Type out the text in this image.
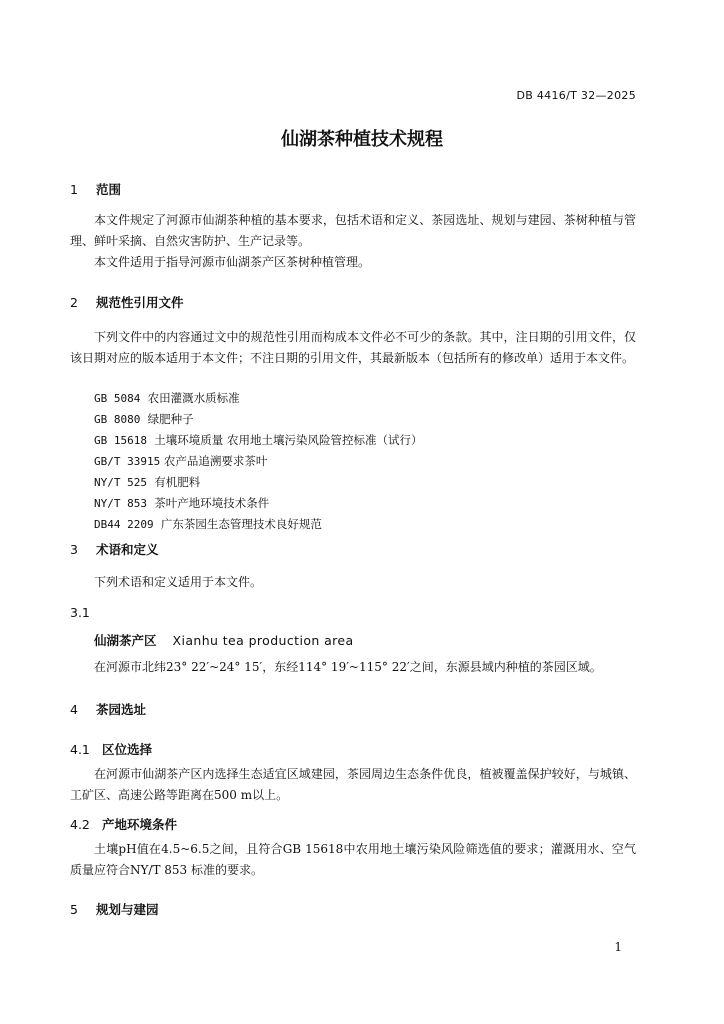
DB 4416/T 32—2025
仙湖茶种植技术规程
1 范围
本文件规定了河源市仙湖茶种植的基本要求，包括术语和定义、茶园选址、规划与建园、茶树种植与管理、鲜叶采摘、自然灾害防护、生产记录等。
本文件适用于指导河源市仙湖茶产区茶树种植管理。
2 规范性引用文件
下列文件中的内容通过文中的规范性引用而构成本文件必不可少的条款。其中，注日期的引用文件，仅该日期对应的版本适用于本文件；不注日期的引用文件，其最新版本（包括所有的修改单）适用于本文件。
GB 5084 农田灌溉水质标准
GB 8080 绿肥种子
GB 15618 土壤环境质量 农用地土壤污染风险管控标准（试行）
GB/T 33915 农产品追溯要求茶叶
NY/T 525 有机肥料
NY/T 853 茶叶产地环境技术条件
DB44 2209 广东茶园生态管理技术良好规范
3 术语和定义
下列术语和定义适用于本文件。
3.1
仙湖茶产区 Xianhu tea production area
在河源市北纬23° 22′~24° 15′，东经114° 19′~115° 22′之间，东源县域内种植的茶园区域。
4 茶园选址
4.1 区位选择
在河源市仙湖茶产区内选择生态适宜区域建园，茶园周边生态条件优良，植被覆盖保护较好，与城镇、工矿区、高速公路等距离在500 m以上。
4.2 产地环境条件
土壤pH值在4.5~6.5之间，且符合GB 15618中农用地土壤污染风险筛选值的要求；灌溉用水、空气质量应符合NY/T 853 标准的要求。
5 规划与建园
1
